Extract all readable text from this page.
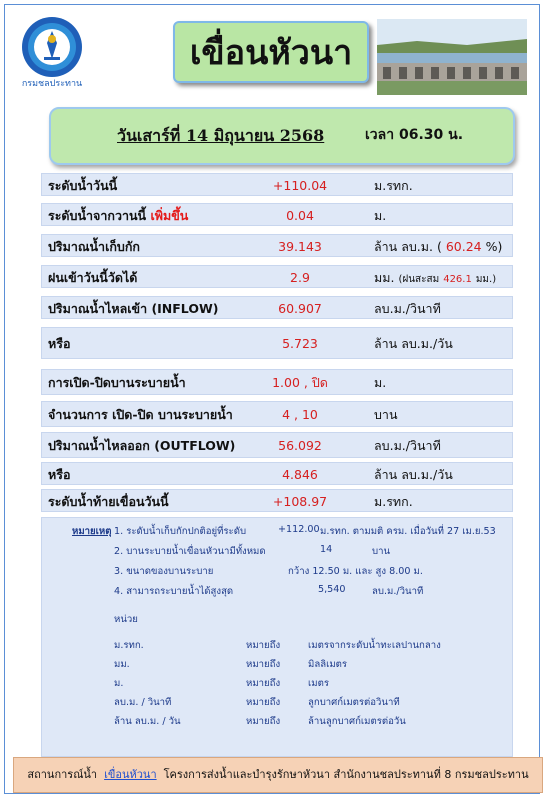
กรมชลประทาน
เขื่อนหัวนา
วันเสาร์ที่ 14 มิถุนายน 2568	เวลา 06.30 น.
ระดับน้ำวันนี้	+110.04	ม.รทก.
ระดับน้ำจากวานนี้ เพิ่มขึ้น	0.04	ม.
ปริมาณน้ำเก็บกัก	39.143	ล้าน ลบ.ม. ( 60.24 %)
ฝนเข้าวันนี้วัดได้	2.9	มม. (ฝนสะสม 426.1 มม.)
ปริมาณน้ำไหลเข้า (INFLOW)	60.907	ลบ.ม./วินาที
หรือ	5.723	ล้าน ลบ.ม./วัน
การเปิด-ปิดบานระบายน้ำ	1.00 , ปิด	ม.
จำนวนการ เปิด-ปิด บานระบายน้ำ	4 , 10	บาน
ปริมาณน้ำไหลออก (OUTFLOW)	56.092	ลบ.ม./วินาที
หรือ	4.846	ล้าน ลบ.ม./วัน
ระดับน้ำท้ายเขื่อนวันนี้	+108.97	ม.รทก.
หมายเหตุ 1. ระดับน้ำเก็บกักปกติอยู่ที่ระดับ	+112.00 ม.รทก. ตามมติ ครม. เมื่อวันที่ 27 เม.ย.53
2. บานระบายน้ำเขื่อนหัวนามีทั้งหมด	14	บาน
3. ขนาดของบานระบาย	กว้าง 12.50 ม. และ สูง 8.00 ม.
4. สามารถระบายน้ำได้สูงสุด	5,540	ลบ.ม./วินาที
หน่วย
ม.รทก.	หมายถึง	เมตรจากระดับน้ำทะเลปานกลาง
มม.	หมายถึง	มิลลิเมตร
ม.	หมายถึง	เมตร
ลบ.ม. / วินาที	หมายถึง	ลูกบาศก์เมตรต่อวินาที
ล้าน ลบ.ม. / วัน	หมายถึง	ล้านลูกบาศก์เมตรต่อวัน
สถานการณ์น้ำ เขื่อนหัวนา โครงการส่งน้ำและบำรุงรักษาหัวนา สำนักงานชลประทานที่ 8 กรมชลประทาน
